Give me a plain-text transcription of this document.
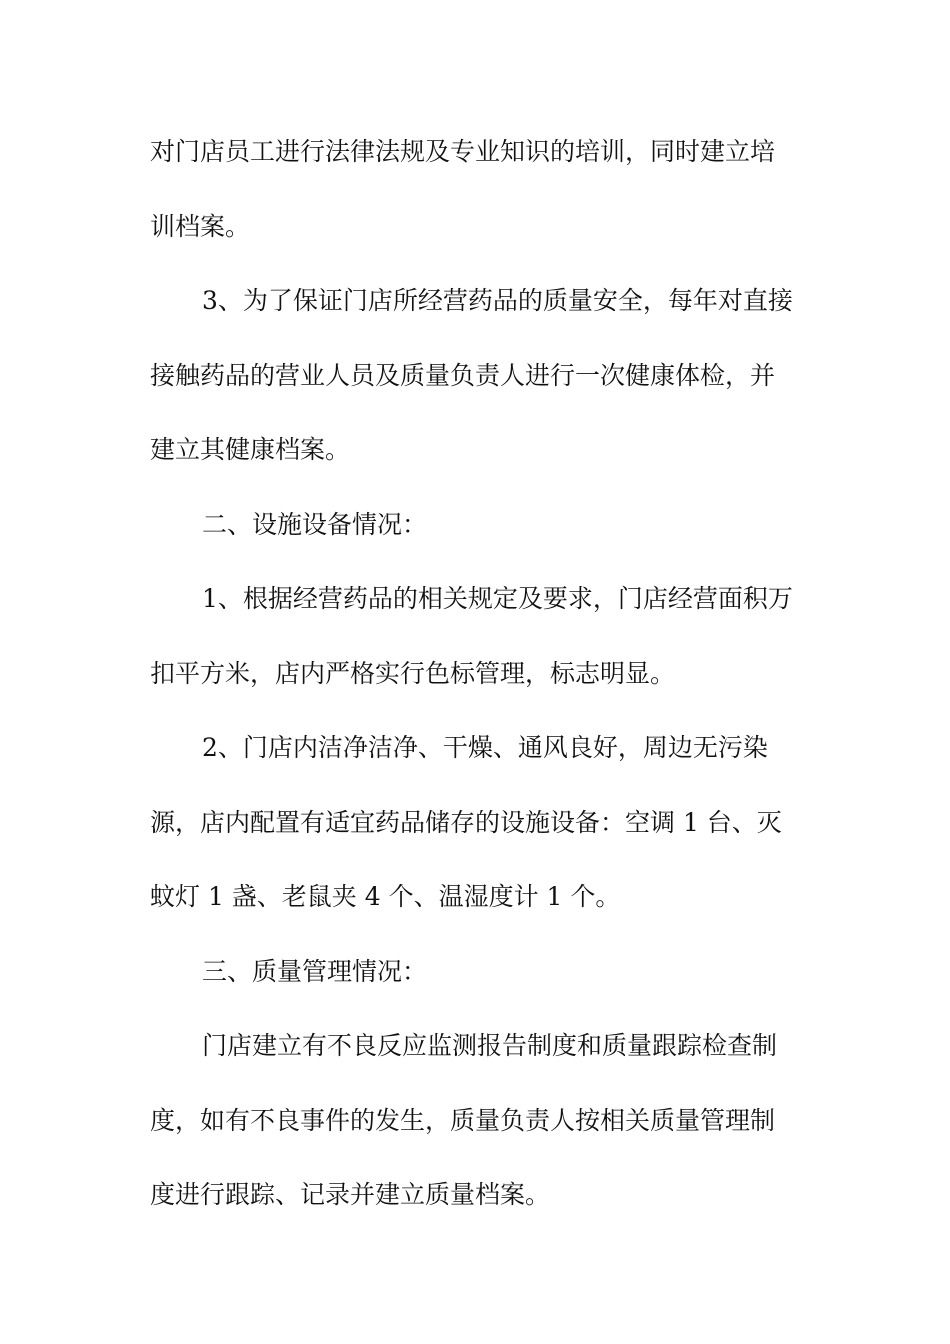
对门店员工进行法律法规及专业知识的培训，同时建立培
训档案。
3、为了保证门店所经营药品的质量安全，每年对直接
接触药品的营业人员及质量负责人进行一次健康体检，并
建立其健康档案。
二、设施设备情况：
1、根据经营药品的相关规定及要求，门店经营面积万
扣平方米，店内严格实行色标管理，标志明显。
2、门店内洁净洁净、干燥、通风良好，周边无污染
源，店内配置有适宜药品储存的设施设备：空调 1 台、灭
蚊灯 1 盏、老鼠夹 4 个、温湿度计 1 个。
三、质量管理情况：
门店建立有不良反应监测报告制度和质量跟踪检查制
度，如有不良事件的发生，质量负责人按相关质量管理制
度进行跟踪、记录并建立质量档案。
